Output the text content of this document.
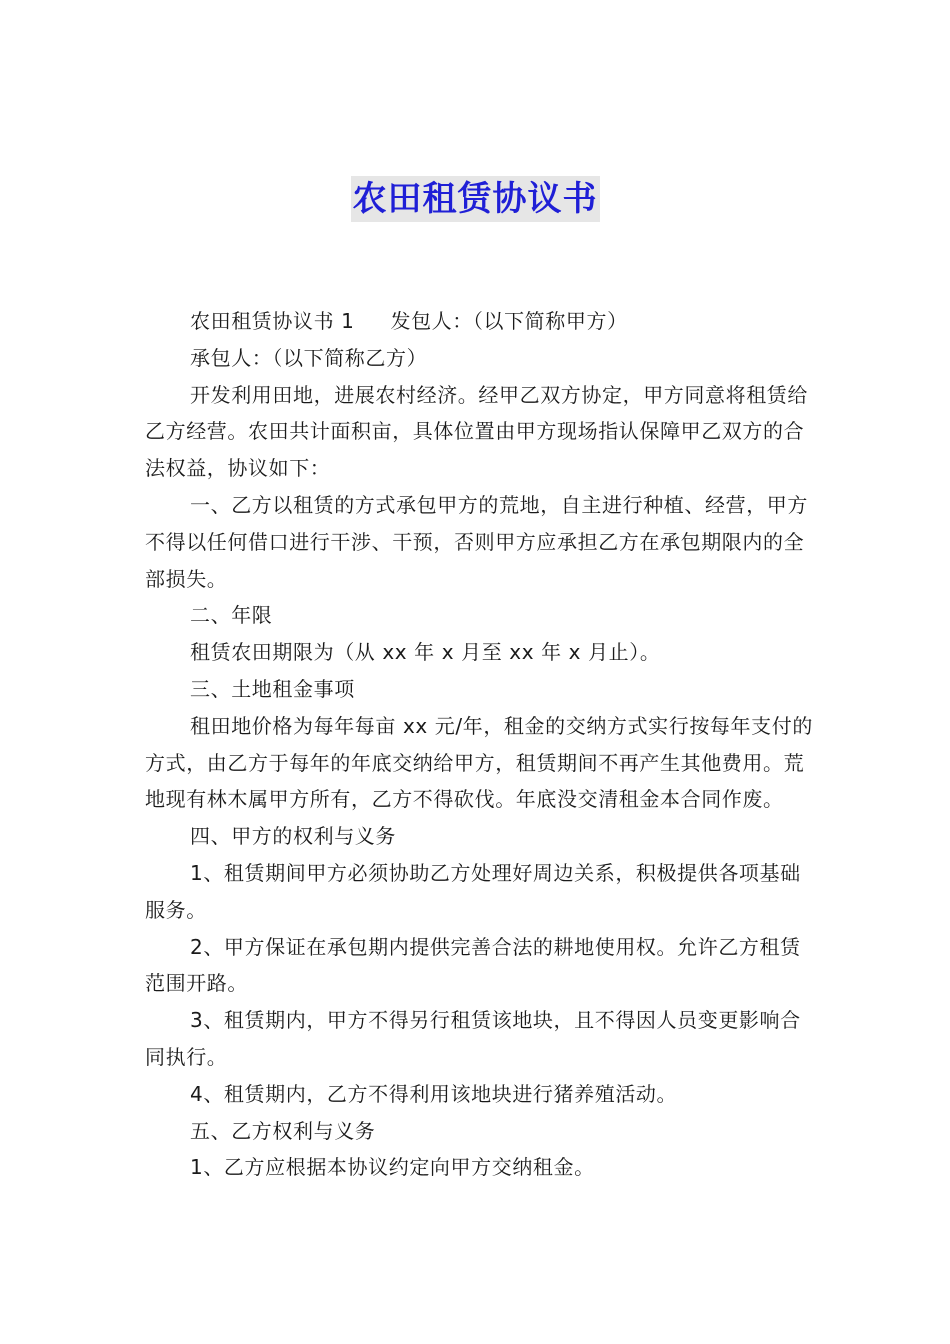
农田租赁协议书

农田租赁协议书 1 发包人：（以下简称甲方）

承包人：（以下简称乙方）

开发利用田地，进展农村经济。经甲乙双方协定，甲方同意将租赁给乙方经营。农田共计面积亩，具体位置由甲方现场指认保障甲乙双方的合法权益，协议如下：

一、乙方以租赁的方式承包甲方的荒地，自主进行种植、经营，甲方不得以任何借口进行干涉、干预，否则甲方应承担乙方在承包期限内的全部损失。

二、年限

租赁农田期限为（从 xx 年 x 月至 xx 年 x 月止）。

三、土地租金事项

租田地价格为每年每亩 xx 元/年，租金的交纳方式实行按每年支付的方式，由乙方于每年的年底交纳给甲方，租赁期间不再产生其他费用。荒地现有林木属甲方所有，乙方不得砍伐。年底没交清租金本合同作废。

四、甲方的权利与义务

1、租赁期间甲方必须协助乙方处理好周边关系，积极提供各项基础服务。

2、甲方保证在承包期内提供完善合法的耕地使用权。允许乙方租赁范围开路。

3、租赁期内，甲方不得另行租赁该地块，且不得因人员变更影响合同执行。

4、租赁期内，乙方不得利用该地块进行猪养殖活动。

五、乙方权利与义务

1、乙方应根据本协议约定向甲方交纳租金。
